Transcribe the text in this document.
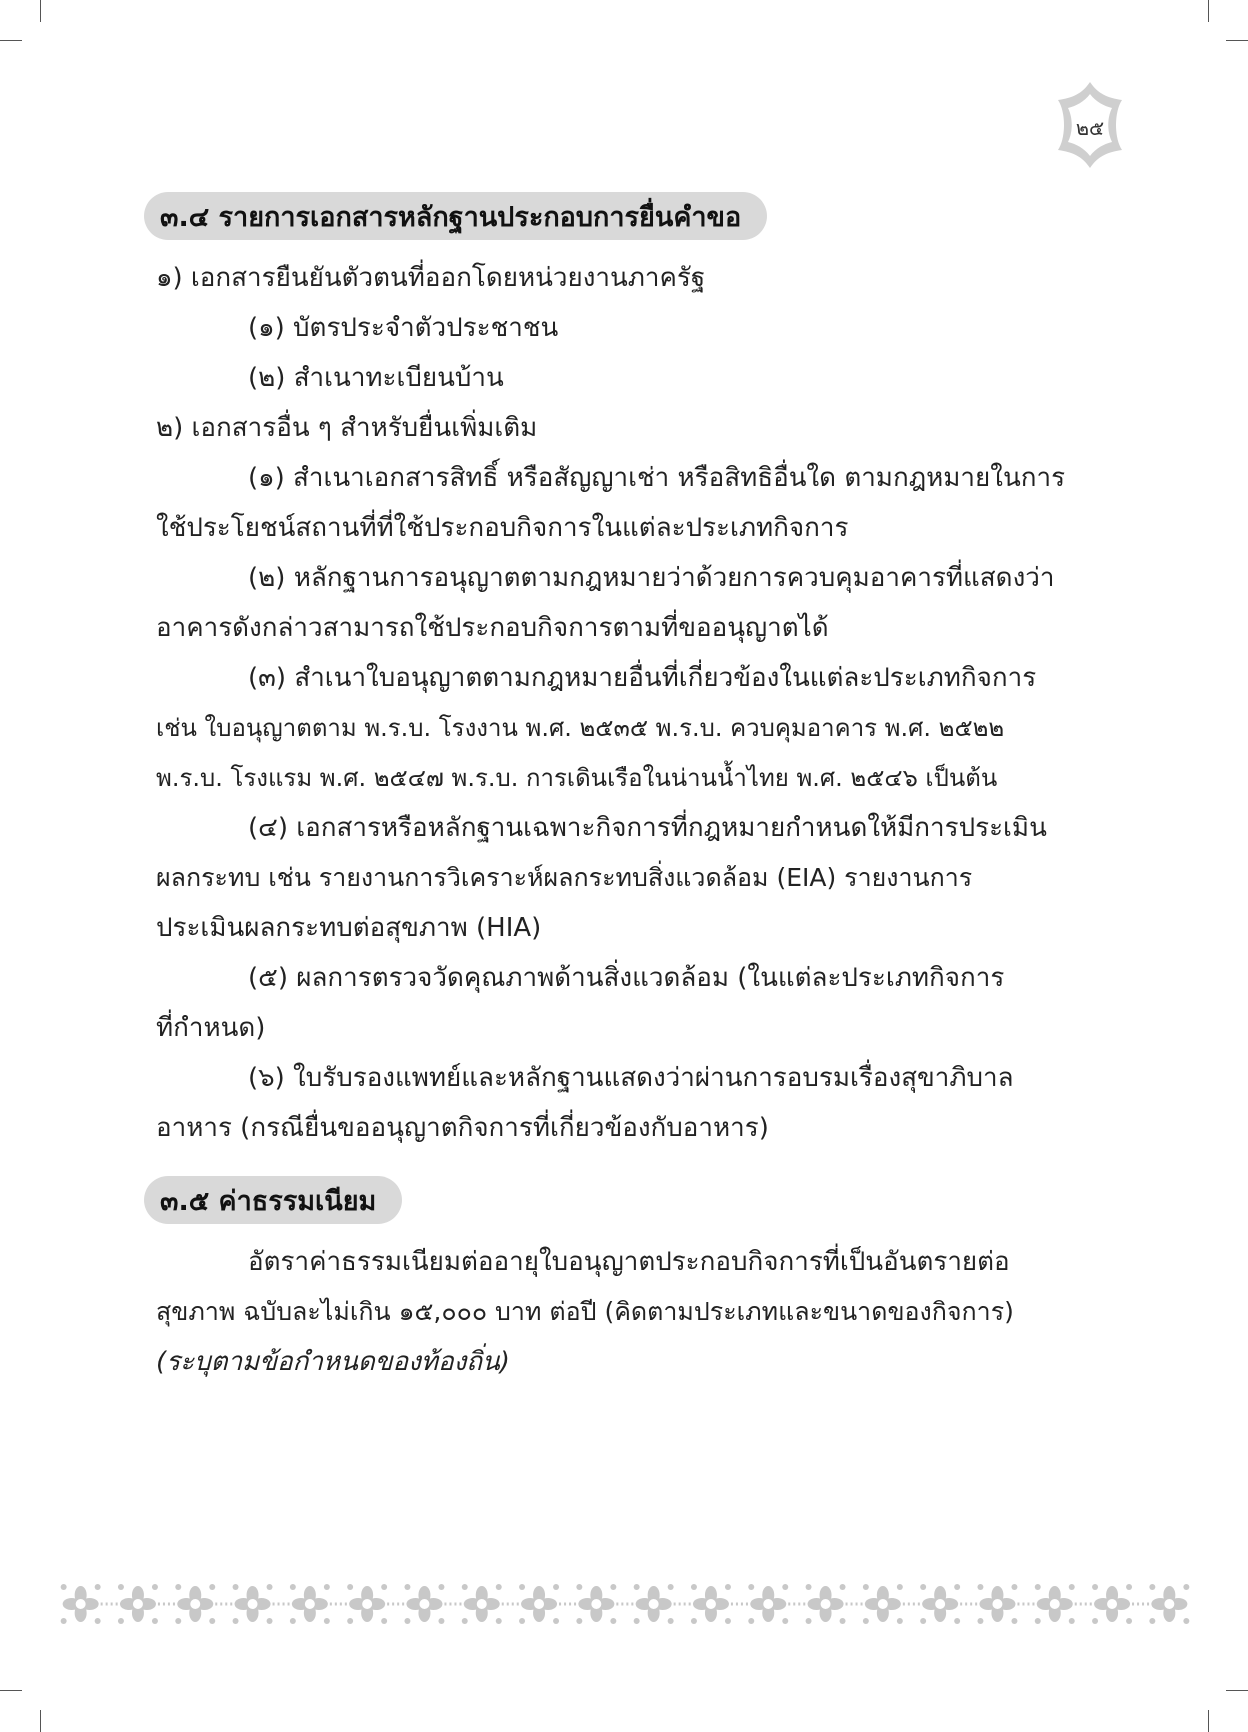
๒๕
๓.๔ รายการเอกสารหลักฐานประกอบการยื่นคำขอ
๑) เอกสารยืนยันตัวตนที่ออกโดยหน่วยงานภาครัฐ
(๑) บัตรประจำตัวประชาชน
(๒) สำเนาทะเบียนบ้าน
๒) เอกสารอื่น ๆ สำหรับยื่นเพิ่มเติม
(๑) สำเนาเอกสารสิทธิ์ หรือสัญญาเช่า หรือสิทธิอื่นใด ตามกฎหมายในการ
ใช้ประโยชน์สถานที่ที่ใช้ประกอบกิจการในแต่ละประเภทกิจการ
(๒) หลักฐานการอนุญาตตามกฎหมายว่าด้วยการควบคุมอาคารที่แสดงว่า
อาคารดังกล่าวสามารถใช้ประกอบกิจการตามที่ขออนุญาตได้
(๓) สำเนาใบอนุญาตตามกฎหมายอื่นที่เกี่ยวข้องในแต่ละประเภทกิจการ
เช่น ใบอนุญาตตาม พ.ร.บ. โรงงาน พ.ศ. ๒๕๓๕ พ.ร.บ. ควบคุมอาคาร พ.ศ. ๒๕๒๒
พ.ร.บ. โรงแรม พ.ศ. ๒๕๔๗ พ.ร.บ. การเดินเรือในน่านน้ำไทย พ.ศ. ๒๕๔๖ เป็นต้น
(๔) เอกสารหรือหลักฐานเฉพาะกิจการที่กฎหมายกำหนดให้มีการประเมิน
ผลกระทบ เช่น รายงานการวิเคราะห์ผลกระทบสิ่งแวดล้อม (EIA) รายงานการ
ประเมินผลกระทบต่อสุขภาพ (HIA)
(๕) ผลการตรวจวัดคุณภาพด้านสิ่งแวดล้อม (ในแต่ละประเภทกิจการ
ที่กำหนด)
(๖) ใบรับรองแพทย์และหลักฐานแสดงว่าผ่านการอบรมเรื่องสุขาภิบาล
อาหาร (กรณียื่นขออนุญาตกิจการที่เกี่ยวข้องกับอาหาร)
๓.๕ ค่าธรรมเนียม
อัตราค่าธรรมเนียมต่ออายุใบอนุญาตประกอบกิจการที่เป็นอันตรายต่อ
สุขภาพ ฉบับละไม่เกิน ๑๕,๐๐๐ บาท ต่อปี (คิดตามประเภทและขนาดของกิจการ)
(ระบุตามข้อกำหนดของท้องถิ่น)
